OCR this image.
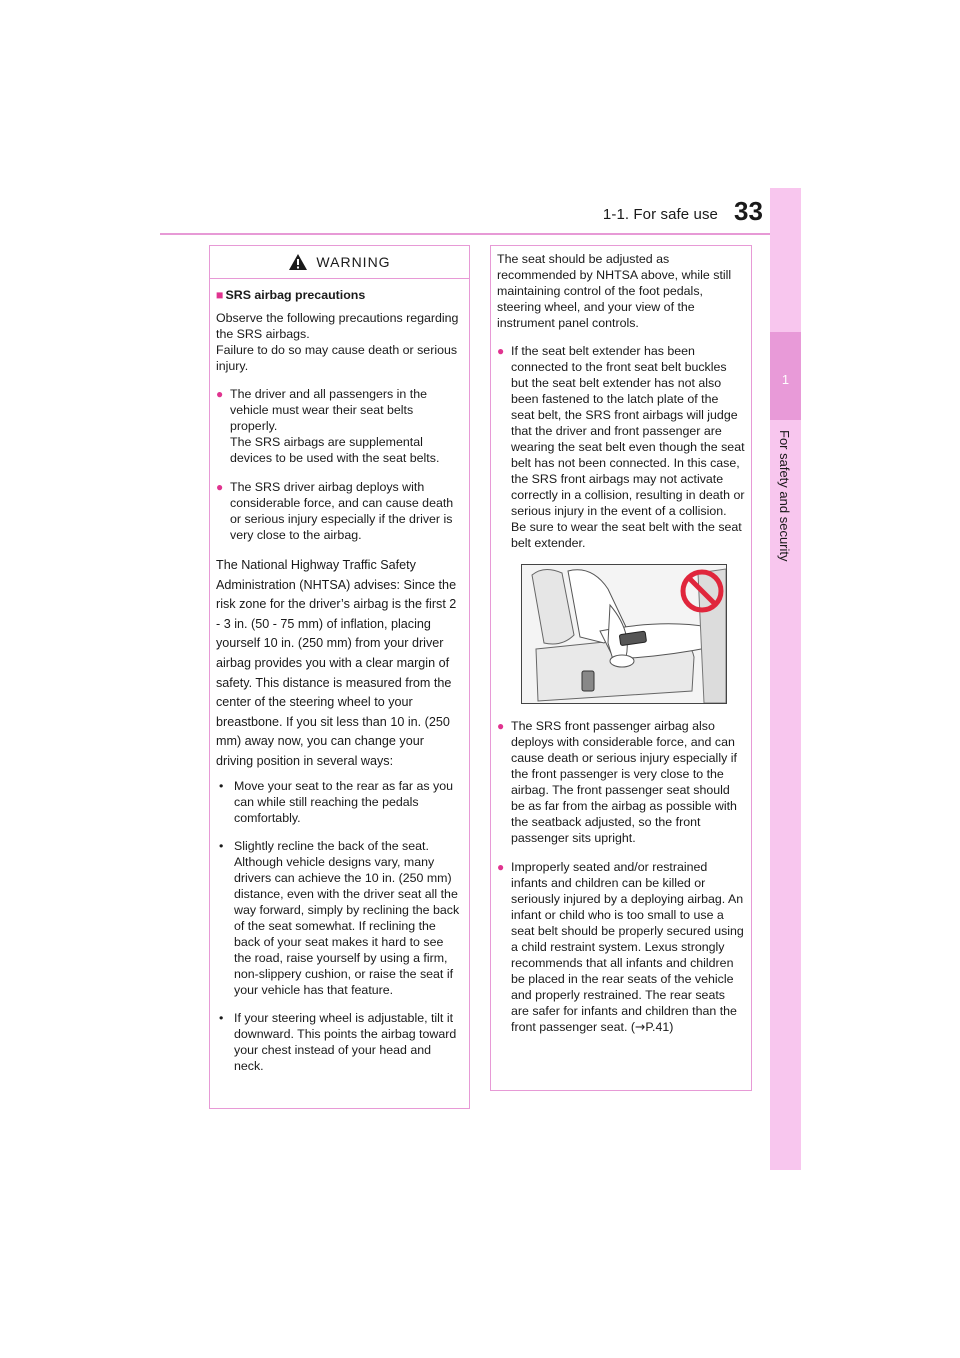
1-1. For safe use 33
1
For safety and security
WARNING
■ SRS airbag precautions

Observe the following precautions regarding the SRS airbags.
Failure to do so may cause death or serious injury.

● The driver and all passengers in the vehicle must wear their seat belts properly.
The SRS airbags are supplemental devices to be used with the seat belts.
● The SRS driver airbag deploys with considerable force, and can cause death or serious injury especially if the driver is very close to the airbag.

The National Highway Traffic Safety Administration (NHTSA) advises: Since the risk zone for the driver’s airbag is the first 2 - 3 in. (50 - 75 mm) of inflation, placing yourself 10 in. (250 mm) from your driver airbag provides you with a clear margin of safety. This distance is measured from the center of the steering wheel to your breastbone. If you sit less than 10 in. (250 mm) away now, you can change your driving position in several ways:

• Move your seat to the rear as far as you can while still reaching the pedals comfortably.
• Slightly recline the back of the seat. Although vehicle designs vary, many drivers can achieve the 10 in. (250 mm) distance, even with the driver seat all the way forward, simply by reclining the back of the seat somewhat. If reclining the back of your seat makes it hard to see the road, raise yourself by using a firm, non-slippery cushion, or raise the seat if your vehicle has that feature.
• If your steering wheel is adjustable, tilt it downward. This points the airbag toward your chest instead of your head and neck.

The seat should be adjusted as recommended by NHTSA above, while still maintaining control of the foot pedals, steering wheel, and your view of the instrument panel controls.

● If the seat belt extender has been connected to the front seat belt buckles but the seat belt extender has not also been fastened to the latch plate of the seat belt, the SRS front airbags will judge that the driver and front passenger are wearing the seat belt even though the seat belt has not been connected. In this case, the SRS front airbags may not activate correctly in a collision, resulting in death or serious injury in the event of a collision. Be sure to wear the seat belt with the seat belt extender.
● The SRS front passenger airbag also deploys with considerable force, and can cause death or serious injury especially if the front passenger is very close to the airbag. The front passenger seat should be as far from the airbag as possible with the seatback adjusted, so the front passenger sits upright.
● Improperly seated and/or restrained infants and children can be killed or seriously injured by a deploying airbag. An infant or child who is too small to use a seat belt should be properly secured using a child restraint system. Lexus strongly recommends that all infants and children be placed in the rear seats of the vehicle and properly restrained. The rear seats are safer for infants and children than the front passenger seat. (→P.41)
